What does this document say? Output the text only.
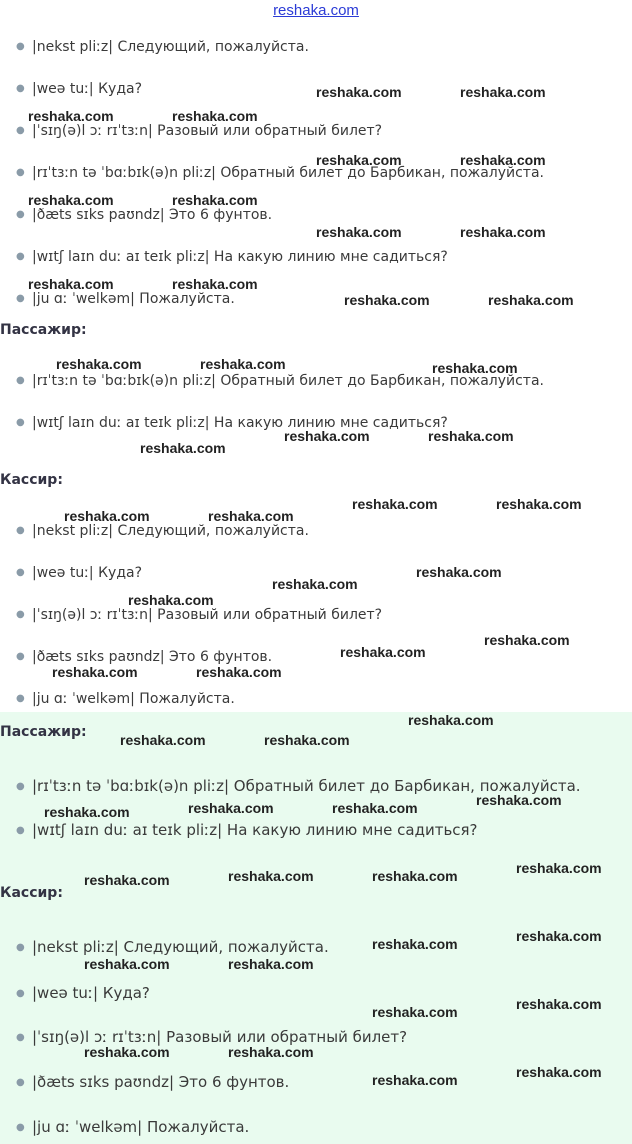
reshaka.com
● |nekst pliːz| Следующий, пожалуйста.
● |weə tuː| Куда?
● |ˈsɪŋ(ə)l ɔː rɪˈtɜːn| Разовый или обратный билет?
● |rɪˈtɜːn tə ˈbɑːbɪk(ə)n pliːz| Обратный билет до Барбикан, пожалуйста.
● |ðæts sɪks paʊndz| Это 6 фунтов.
● |wɪtʃ laɪn duː aɪ teɪk pliːz| На какую линию мне садиться?
● |ju ɑː ˈwelkəm| Пожалуйста.
Пассажир:
● |rɪˈtɜːn tə ˈbɑːbɪk(ə)n pliːz| Обратный билет до Барбикан, пожалуйста.
● |wɪtʃ laɪn duː aɪ teɪk pliːz| На какую линию мне садиться?
Кассир:
● |nekst pliːz| Следующий, пожалуйста.
● |weə tuː| Куда?
● |ˈsɪŋ(ə)l ɔː rɪˈtɜːn| Разовый или обратный билет?
● |ðæts sɪks paʊndz| Это 6 фунтов.
● |ju ɑː ˈwelkəm| Пожалуйста.
Пассажир:
● |rɪˈtɜːn tə ˈbɑːbɪk(ə)n pliːz| Обратный билет до Барбикан, пожалуйста.
● |wɪtʃ laɪn duː aɪ teɪk pliːz| На какую линию мне садиться?
Кассир:
● |nekst pliːz| Следующий, пожалуйста.
● |weə tuː| Куда?
● |ˈsɪŋ(ə)l ɔː rɪˈtɜːn| Разовый или обратный билет?
● |ðæts sɪks paʊndz| Это 6 фунтов.
● |ju ɑː ˈwelkəm| Пожалуйста.
reshaka.com	reshaka.com
reshaka.com	reshaka.com
reshaka.com	reshaka.com
reshaka.com	reshaka.com
reshaka.com	reshaka.com
reshaka.com	reshaka.com
reshaka.com	reshaka.com
reshaka.com	reshaka.com	reshaka.com
reshaka.com	reshaka.com
reshaka.com
reshaka.com	reshaka.com
reshaka.com	reshaka.com
reshaka.com
reshaka.com
reshaka.com
reshaka.com
reshaka.com
reshaka.com	reshaka.com
reshaka.com
reshaka.com	reshaka.com
reshaka.com
reshaka.com	reshaka.com
reshaka.com
reshaka.com
reshaka.com	reshaka.com
reshaka.com
reshaka.com
reshaka.com
reshaka.com	reshaka.com
reshaka.com
reshaka.com
reshaka.com	reshaka.com
reshaka.com
reshaka.com
